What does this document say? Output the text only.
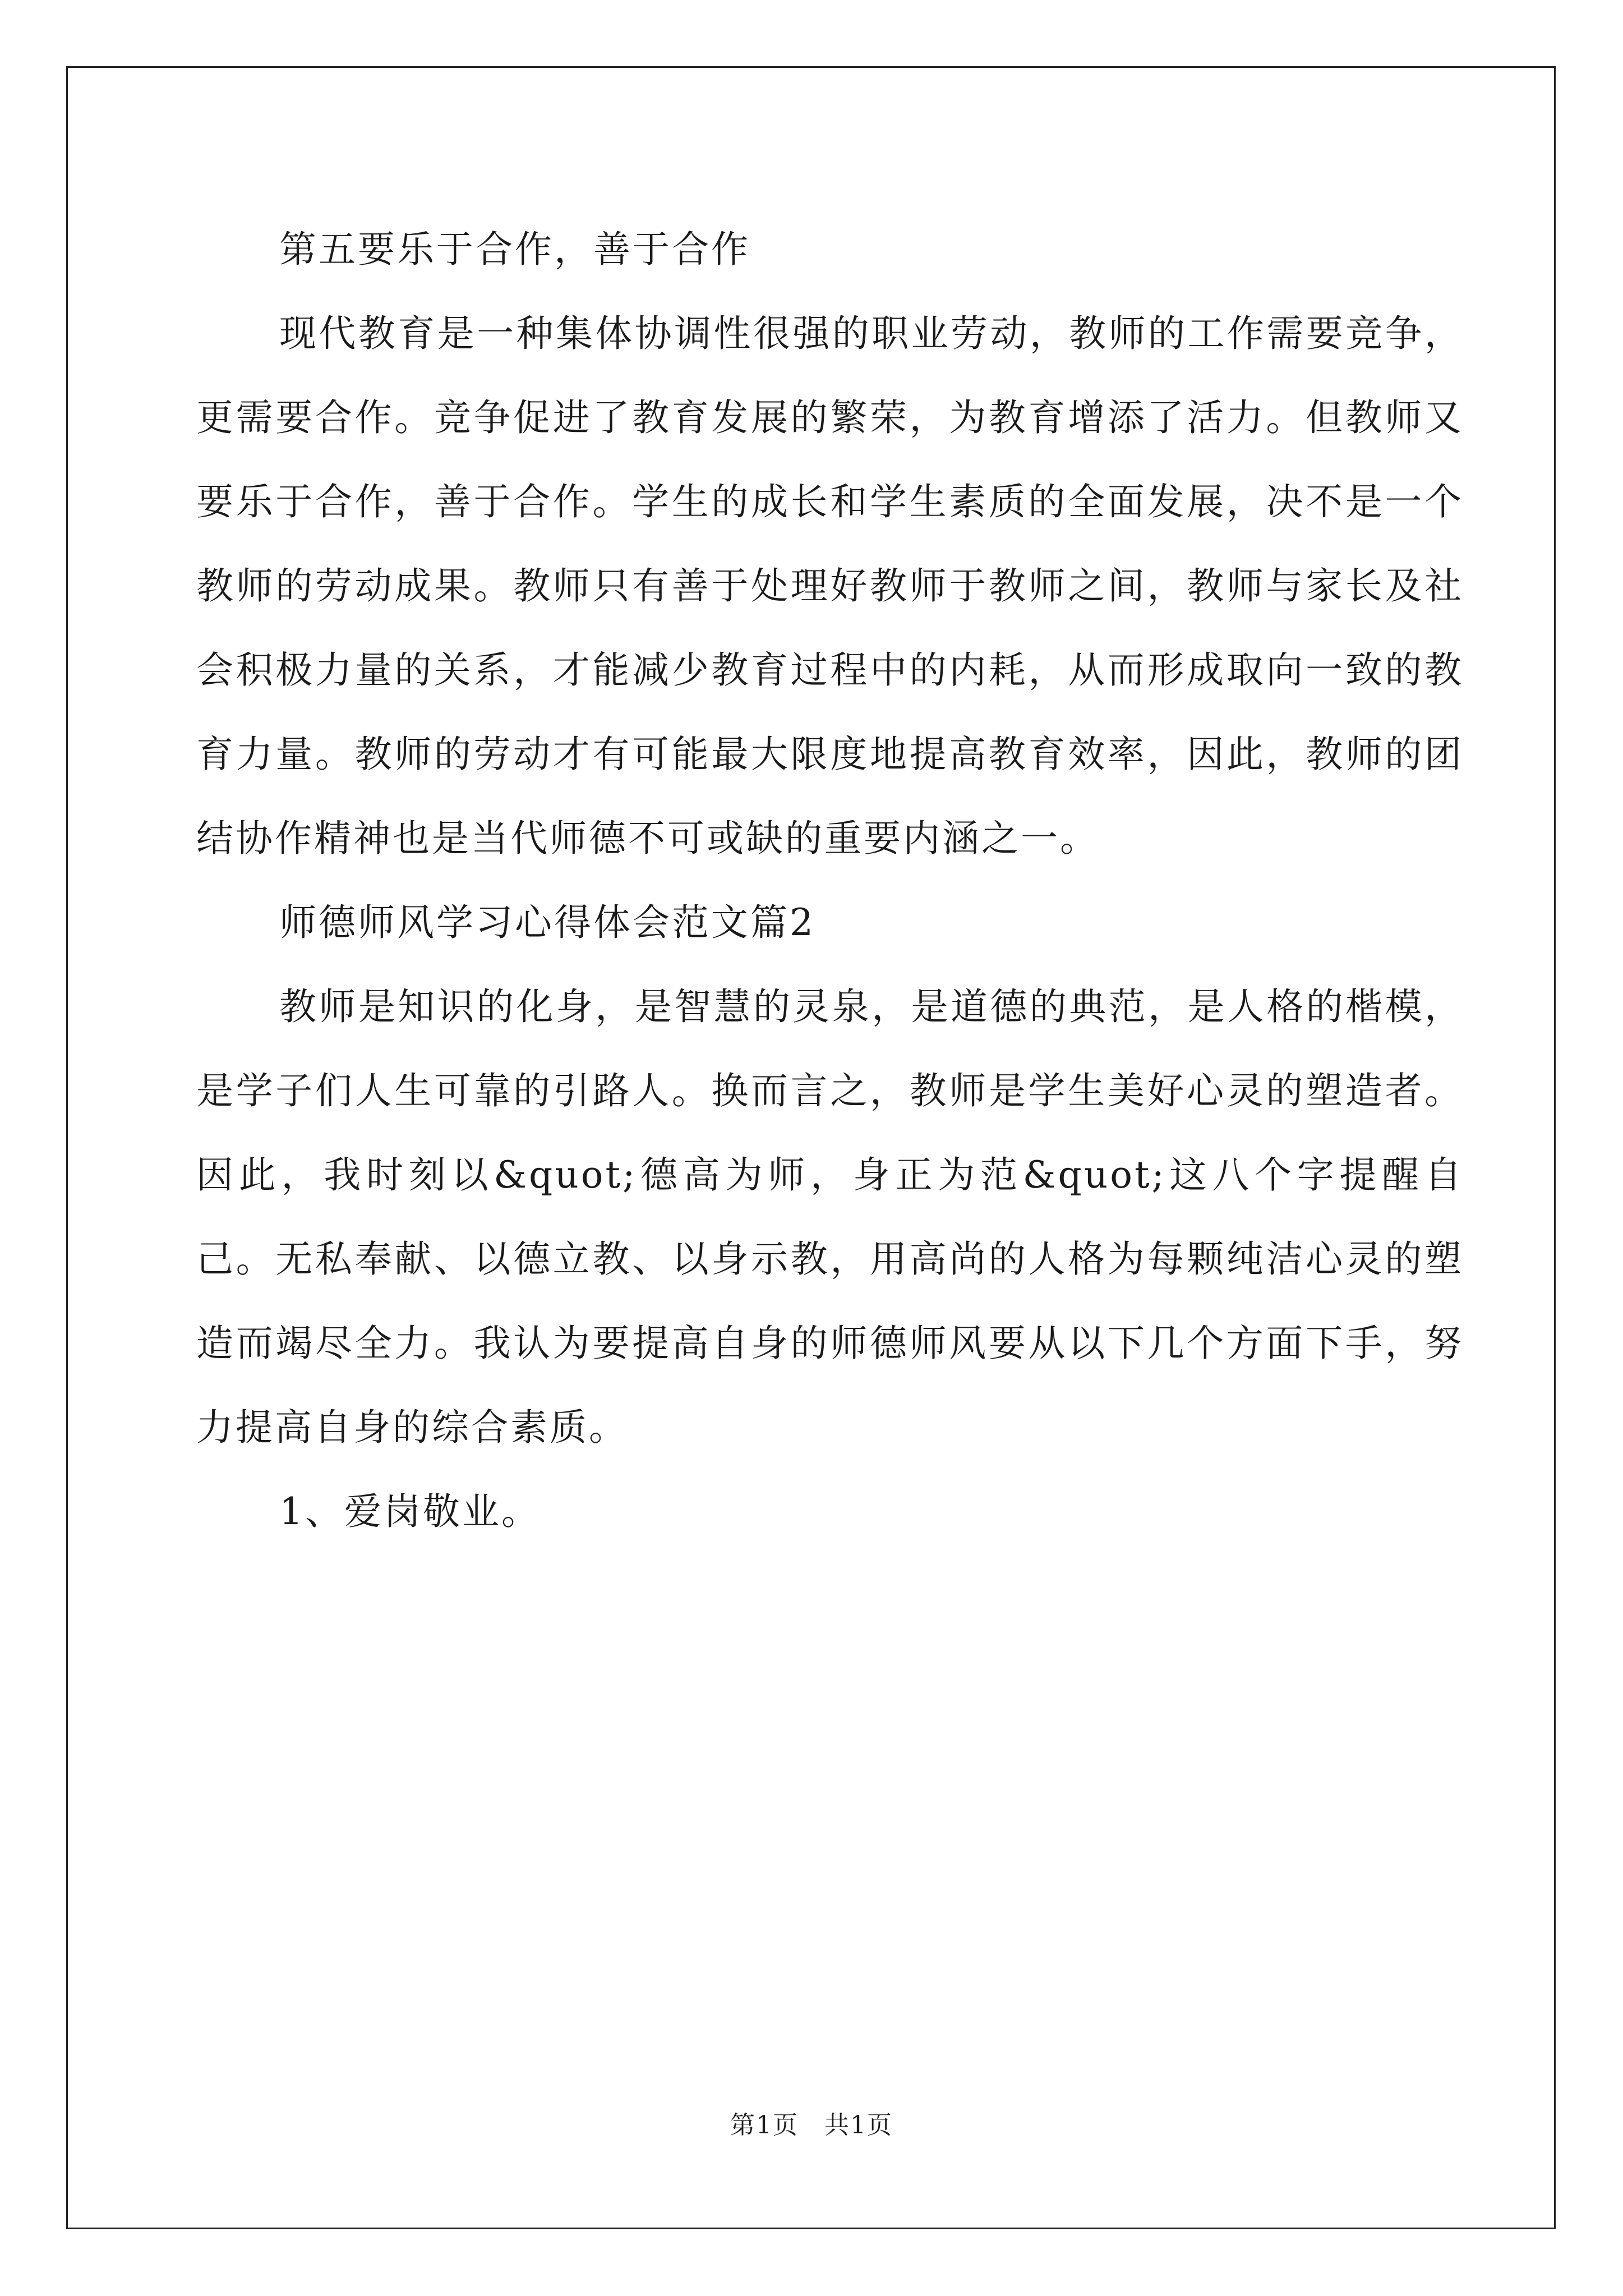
第五要乐于合作，善于合作

现代教育是一种集体协调性很强的职业劳动，教师的工作需要竞争，更需要合作。竞争促进了教育发展的繁荣，为教育增添了活力。但教师又要乐于合作，善于合作。学生的成长和学生素质的全面发展，决不是一个教师的劳动成果。教师只有善于处理好教师于教师之间，教师与家长及社会积极力量的关系，才能减少教育过程中的内耗，从而形成取向一致的教育力量。教师的劳动才有可能最大限度地提高教育效率，因此，教师的团结协作精神也是当代师德不可或缺的重要内涵之一。

师德师风学习心得体会范文篇2

教师是知识的化身，是智慧的灵泉，是道德的典范，是人格的楷模，是学子们人生可靠的引路人。换而言之，教师是学生美好心灵的塑造者。因此，我时刻以&quot;德高为师，身正为范&quot;这八个字提醒自己。无私奉献、以德立教、以身示教，用高尚的人格为每颗纯洁心灵的塑造而竭尽全力。我认为要提高自身的师德师风要从以下几个方面下手，努力提高自身的综合素质。

1、爱岗敬业。

第1页　共1页
